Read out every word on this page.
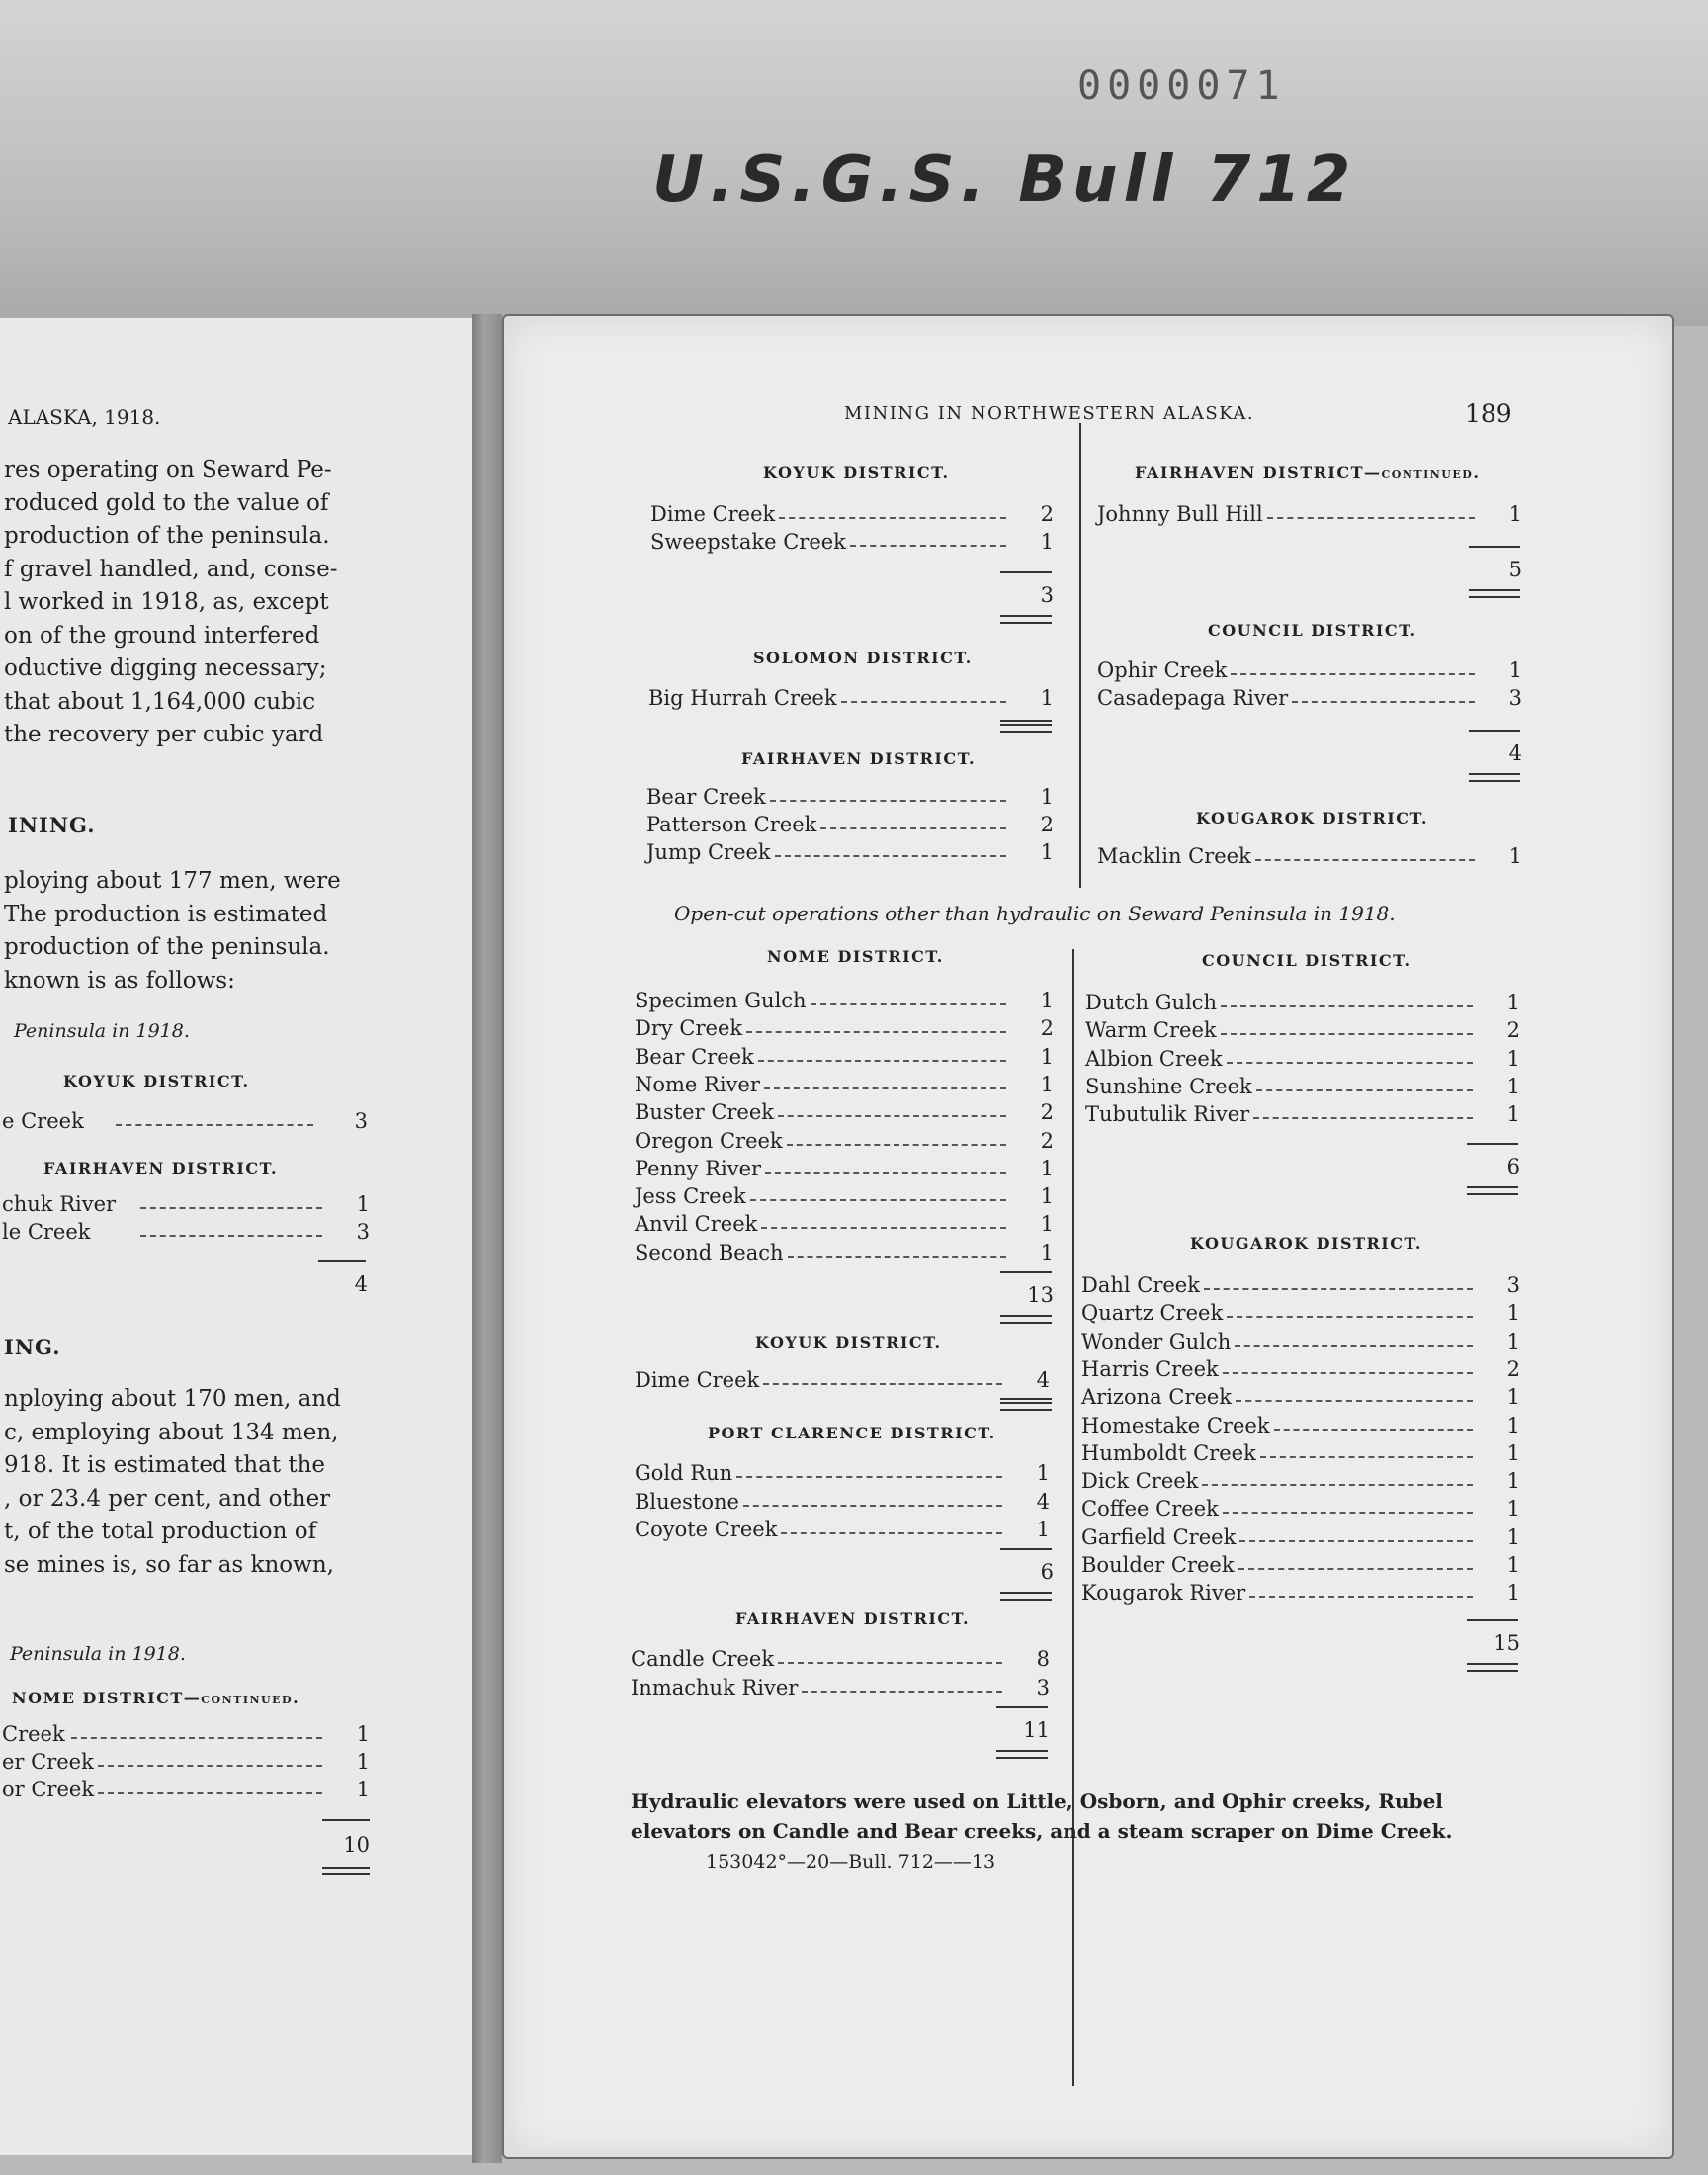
0000071
U.S.G.S. Bull 712
ALASKA, 1918.
res operating on Seward Pe-
roduced gold to the value of
production of the peninsula.
f gravel handled, and, conse-
l worked in 1918, as, except
on of the ground interfered
oductive digging necessary;
that about 1,164,000 cubic
the recovery per cubic yard
INING.
ploying about 177 men, were
The production is estimated
production of the peninsula.
known is as follows:
Peninsula in 1918.
KOYUK DISTRICT.
e Creek	3
FAIRHAVEN DISTRICT.
chuk River	1
le Creek	3
4
ING.
nploying about 170 men, and
c, employing about 134 men,
918. It is estimated that the
, or 23.4 per cent, and other
t, of the total production of
se mines is, so far as known,
Peninsula in 1918.
NOME DISTRICT—continued.
Creek	1
er Creek	1
or Creek	1
10
MINING IN NORTHWESTERN ALASKA.	189
KOYUK DISTRICT.
Dime Creek	2
Sweepstake Creek	1
3
SOLOMON DISTRICT.
Big Hurrah Creek	1
FAIRHAVEN DISTRICT.
Bear Creek	1
Patterson Creek	2
Jump Creek	1
FAIRHAVEN DISTRICT—continued.
Johnny Bull Hill	1
5
COUNCIL DISTRICT.
Ophir Creek	1
Casadepaga River	3
4
KOUGAROK DISTRICT.
Macklin Creek	1
Open-cut operations other than hydraulic on Seward Peninsula in 1918.
NOME DISTRICT.
Specimen Gulch	1
Dry Creek	2
Bear Creek	1
Nome River	1
Buster Creek	2
Oregon Creek	2
Penny River	1
Jess Creek	1
Anvil Creek	1
Second Beach	1
13
KOYUK DISTRICT.
Dime Creek	4
PORT CLARENCE DISTRICT.
Gold Run	1
Bluestone	4
Coyote Creek	1
6
FAIRHAVEN DISTRICT.
Candle Creek	8
Inmachuk River	3
11
COUNCIL DISTRICT.
Dutch Gulch	1
Warm Creek	2
Albion Creek	1
Sunshine Creek	1
Tubutulik River	1
6
KOUGAROK DISTRICT.
Dahl Creek	3
Quartz Creek	1
Wonder Gulch	1
Harris Creek	2
Arizona Creek	1
Homestake Creek	1
Humboldt Creek	1
Dick Creek	1
Coffee Creek	1
Garfield Creek	1
Boulder Creek	1
Kougarok River	1
15
Hydraulic elevators were used on Little, Osborn, and Ophir creeks, Rubel
elevators on Candle and Bear creeks, and a steam scraper on Dime Creek.
153042°—20—Bull. 712——13
